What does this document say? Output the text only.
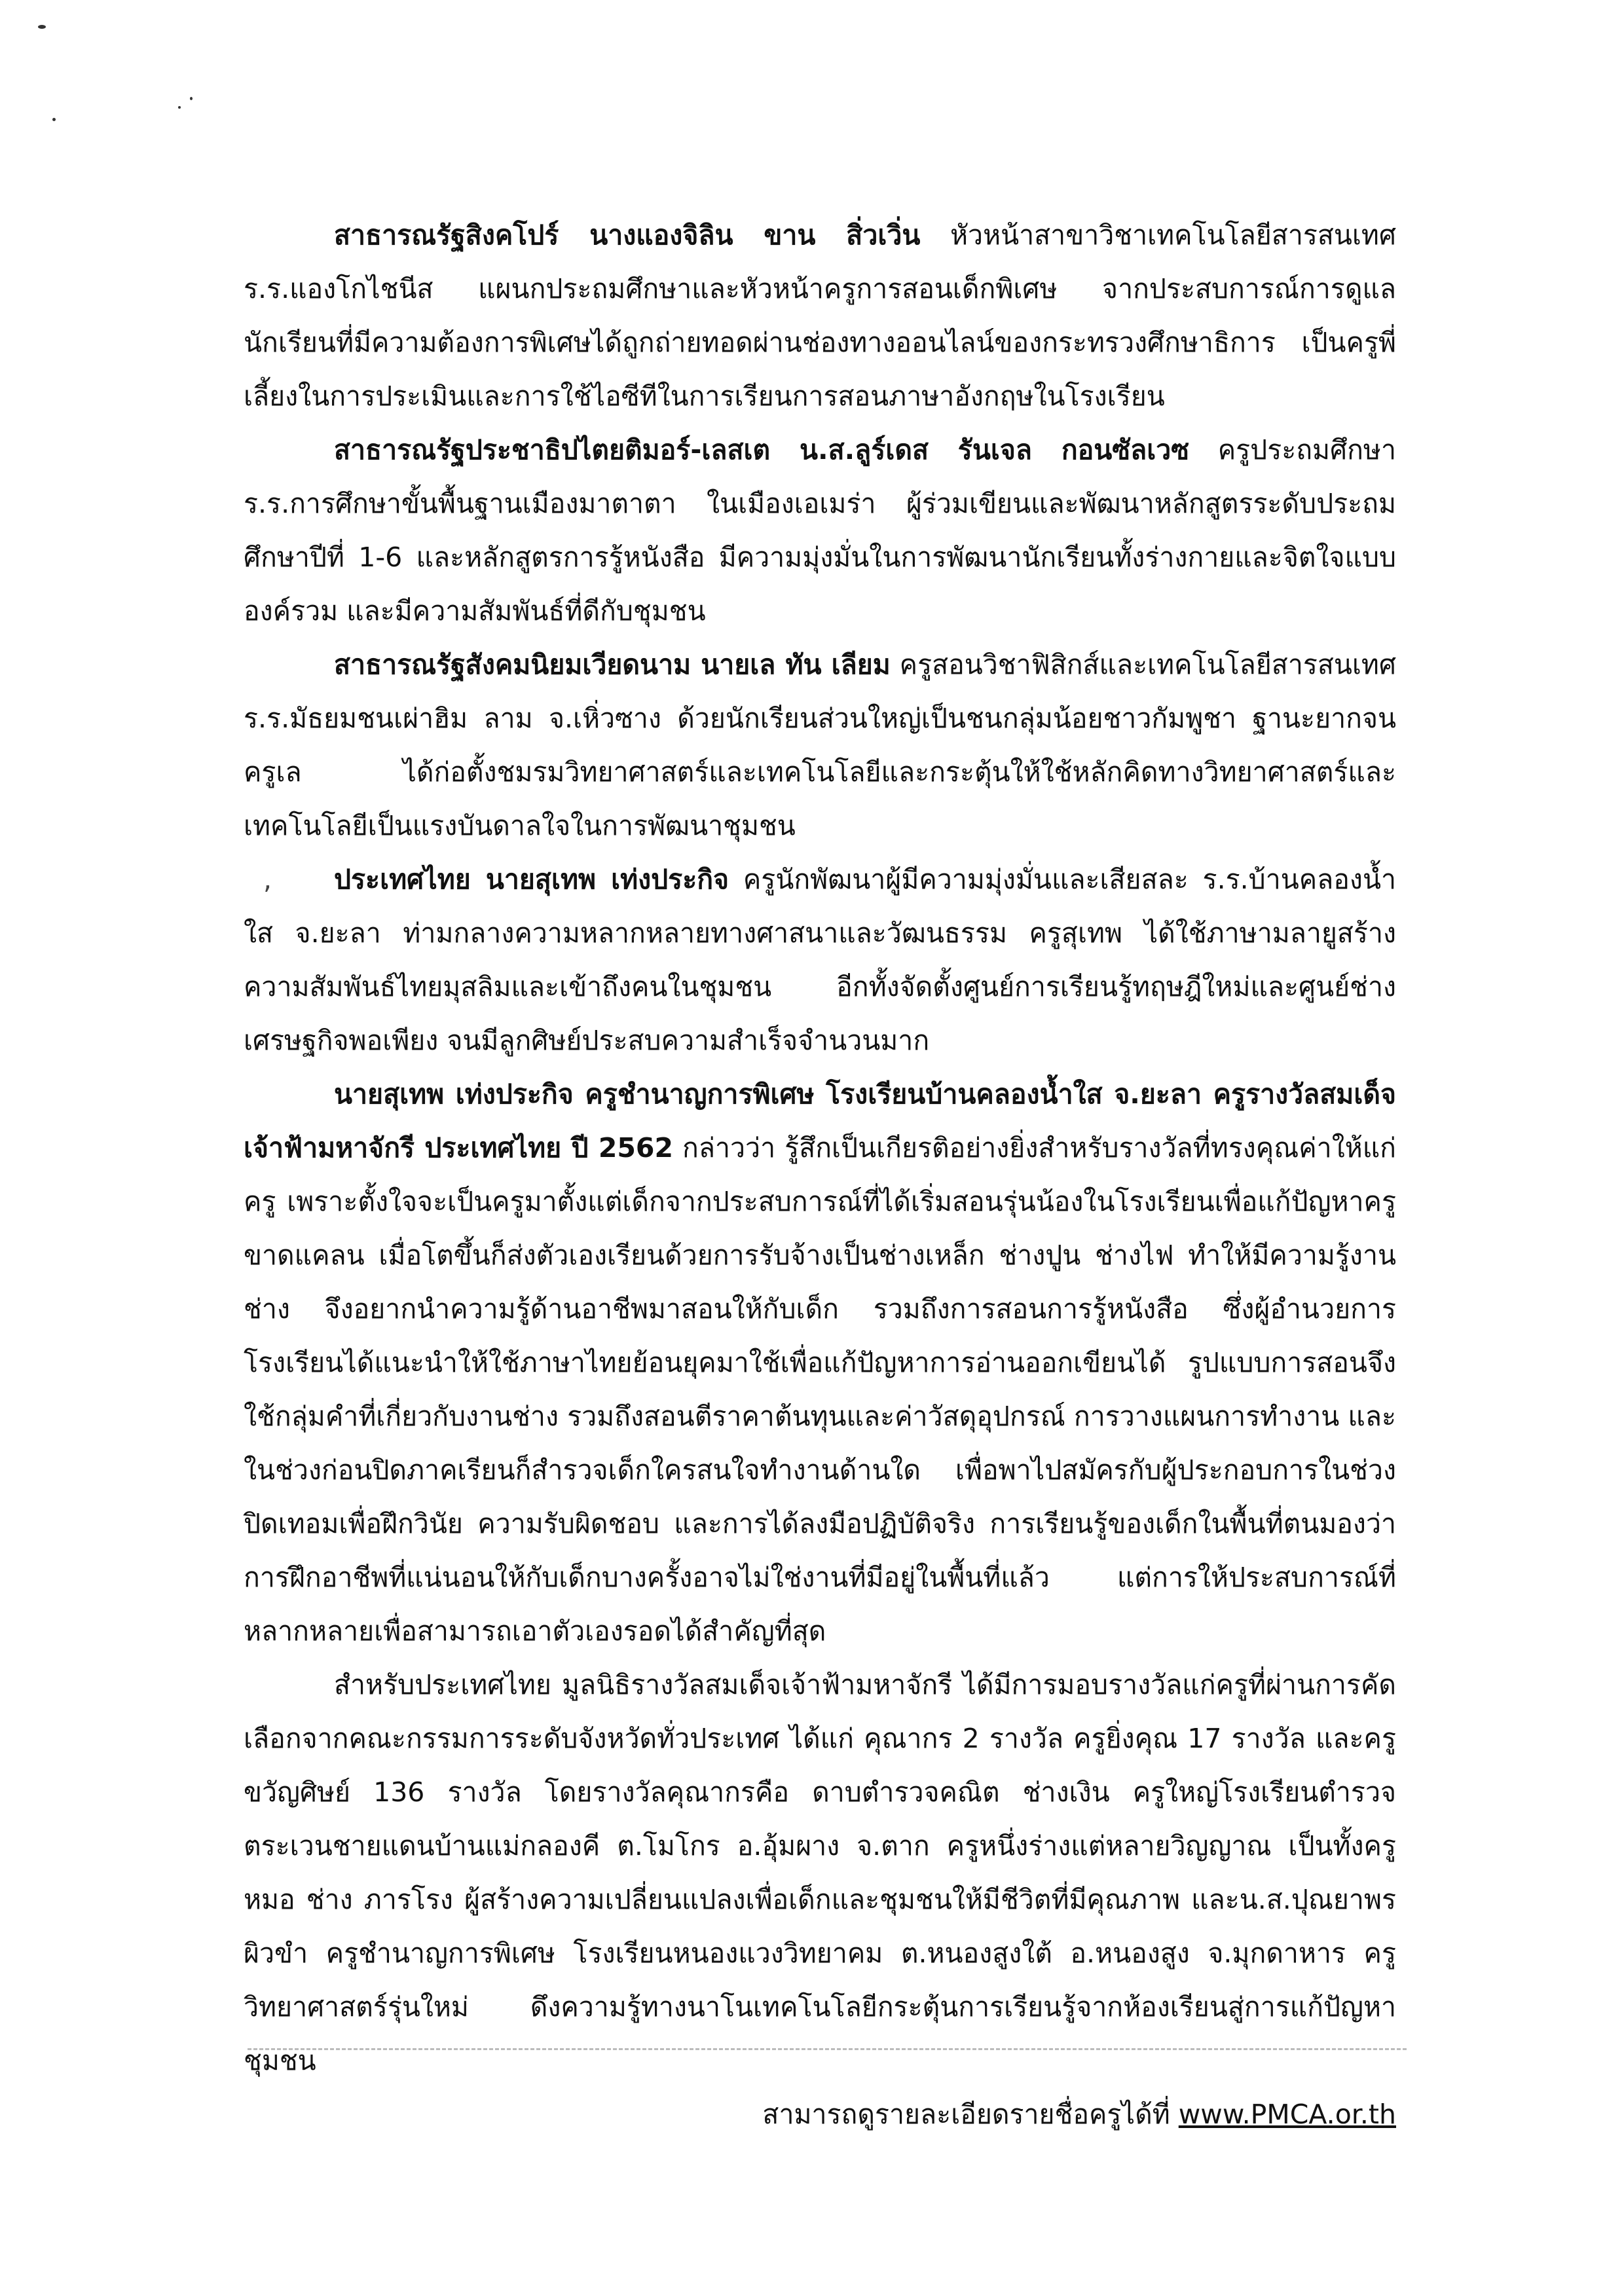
สาธารณรัฐสิงคโปร์ นางแองจิลิน ขาน สิ่วเวิ่น หัวหน้าสาขาวิชาเทคโนโลยีสารสนเทศ ร.ร.แองโกไชนีส แผนกประถมศึกษาและหัวหน้าครูการสอนเด็กพิเศษ จากประสบการณ์การดูแลนักเรียนที่มีความต้องการพิเศษได้ถูกถ่ายทอดผ่านช่องทางออนไลน์ของกระทรวงศึกษาธิการ เป็นครูพี่เลี้ยงในการประเมินและการใช้ไอซีทีในการเรียนการสอนภาษาอังกฤษในโรงเรียน

สาธารณรัฐประชาธิปไตยติมอร์-เลสเต น.ส.ลูร์เดส รันเจล กอนซัลเวซ ครูประถมศึกษา ร.ร.การศึกษาขั้นพื้นฐานเมืองมาตาตา ในเมืองเอเมร่า ผู้ร่วมเขียนและพัฒนาหลักสูตรระดับประถมศึกษาปีที่ 1-6 และหลักสูตรการรู้หนังสือ มีความมุ่งมั่นในการพัฒนานักเรียนทั้งร่างกายและจิตใจแบบองค์รวม และมีความสัมพันธ์ที่ดีกับชุมชน

สาธารณรัฐสังคมนิยมเวียดนาม นายเล ทัน เลียม ครูสอนวิชาฟิสิกส์และเทคโนโลยีสารสนเทศ ร.ร.มัธยมชนเผ่าฮิม ลาม จ.เหิ่วซาง ด้วยนักเรียนส่วนใหญ่เป็นชนกลุ่มน้อยชาวกัมพูชา ฐานะยากจน ครูเล ได้ก่อตั้งชมรมวิทยาศาสตร์และเทคโนโลยีและกระตุ้นให้ใช้หลักคิดทางวิทยาศาสตร์และเทคโนโลยีเป็นแรงบันดาลใจในการพัฒนาชุมชน

, ประเทศไทย นายสุเทพ เท่งประกิจ ครูนักพัฒนาผู้มีความมุ่งมั่นและเสียสละ ร.ร.บ้านคลองน้ำใส จ.ยะลา ท่ามกลางความหลากหลายทางศาสนาและวัฒนธรรม ครูสุเทพ ได้ใช้ภาษามลายูสร้างความสัมพันธ์ไทยมุสลิมและเข้าถึงคนในชุมชน อีกทั้งจัดตั้งศูนย์การเรียนรู้ทฤษฎีใหม่และศูนย์ช่างเศรษฐกิจพอเพียง จนมีลูกศิษย์ประสบความสำเร็จจำนวนมาก

นายสุเทพ เท่งประกิจ ครูชำนาญการพิเศษ โรงเรียนบ้านคลองน้ำใส จ.ยะลา ครูรางวัลสมเด็จเจ้าฟ้ามหาจักรี ประเทศไทย ปี 2562 กล่าวว่า รู้สึกเป็นเกียรติอย่างยิ่งสำหรับรางวัลที่ทรงคุณค่าให้แก่ครู เพราะตั้งใจจะเป็นครูมาตั้งแต่เด็กจากประสบการณ์ที่ได้เริ่มสอนรุ่นน้องในโรงเรียนเพื่อแก้ปัญหาครูขาดแคลน เมื่อโตขึ้นก็ส่งตัวเองเรียนด้วยการรับจ้างเป็นช่างเหล็ก ช่างปูน ช่างไฟ ทำให้มีความรู้งานช่าง จึงอยากนำความรู้ด้านอาชีพมาสอนให้กับเด็ก รวมถึงการสอนการรู้หนังสือ ซึ่งผู้อำนวยการโรงเรียนได้แนะนำให้ใช้ภาษาไทยย้อนยุคมาใช้เพื่อแก้ปัญหาการอ่านออกเขียนได้ รูปแบบการสอนจึงใช้กลุ่มคำที่เกี่ยวกับงานช่าง รวมถึงสอนตีราคาต้นทุนและค่าวัสดุอุปกรณ์ การวางแผนการทำงาน และในช่วงก่อนปิดภาคเรียนก็สำรวจเด็กใครสนใจทำงานด้านใด เพื่อพาไปสมัครกับผู้ประกอบการในช่วงปิดเทอมเพื่อฝึกวินัย ความรับผิดชอบ และการได้ลงมือปฏิบัติจริง การเรียนรู้ของเด็กในพื้นที่ตนมองว่า การฝึกอาชีพที่แน่นอนให้กับเด็กบางครั้งอาจไม่ใช่งานที่มีอยู่ในพื้นที่แล้ว แต่การให้ประสบการณ์ที่หลากหลายเพื่อสามารถเอาตัวเองรอดได้สำคัญที่สุด

สำหรับประเทศไทย มูลนิธิรางวัลสมเด็จเจ้าฟ้ามหาจักรี ได้มีการมอบรางวัลแก่ครูที่ผ่านการคัดเลือกจากคณะกรรมการระดับจังหวัดทั่วประเทศ ได้แก่ คุณากร 2 รางวัล ครูยิ่งคุณ 17 รางวัล และครูขวัญศิษย์ 136 รางวัล โดยรางวัลคุณากรคือ ดาบตำรวจคณิต ช่างเงิน ครูใหญ่โรงเรียนตำรวจตระเวนชายแดนบ้านแม่กลองคี ต.โมโกร อ.อุ้มผาง จ.ตาก ครูหนึ่งร่างแต่หลายวิญญาณ เป็นทั้งครู หมอ ช่าง ภารโรง ผู้สร้างความเปลี่ยนแปลงเพื่อเด็กและชุมชนให้มีชีวิตที่มีคุณภาพ และน.ส.ปุณยาพร ผิวขำ ครูชำนาญการพิเศษ โรงเรียนหนองแวงวิทยาคม ต.หนองสูงใต้ อ.หนองสูง จ.มุกดาหาร ครูวิทยาศาสตร์รุ่นใหม่ ดึงความรู้ทางนาโนเทคโนโลยีกระตุ้นการเรียนรู้จากห้องเรียนสู่การแก้ปัญหาชุมชน

สามารถดูรายละเอียดรายชื่อครูได้ที่ www.PMCA.or.th
